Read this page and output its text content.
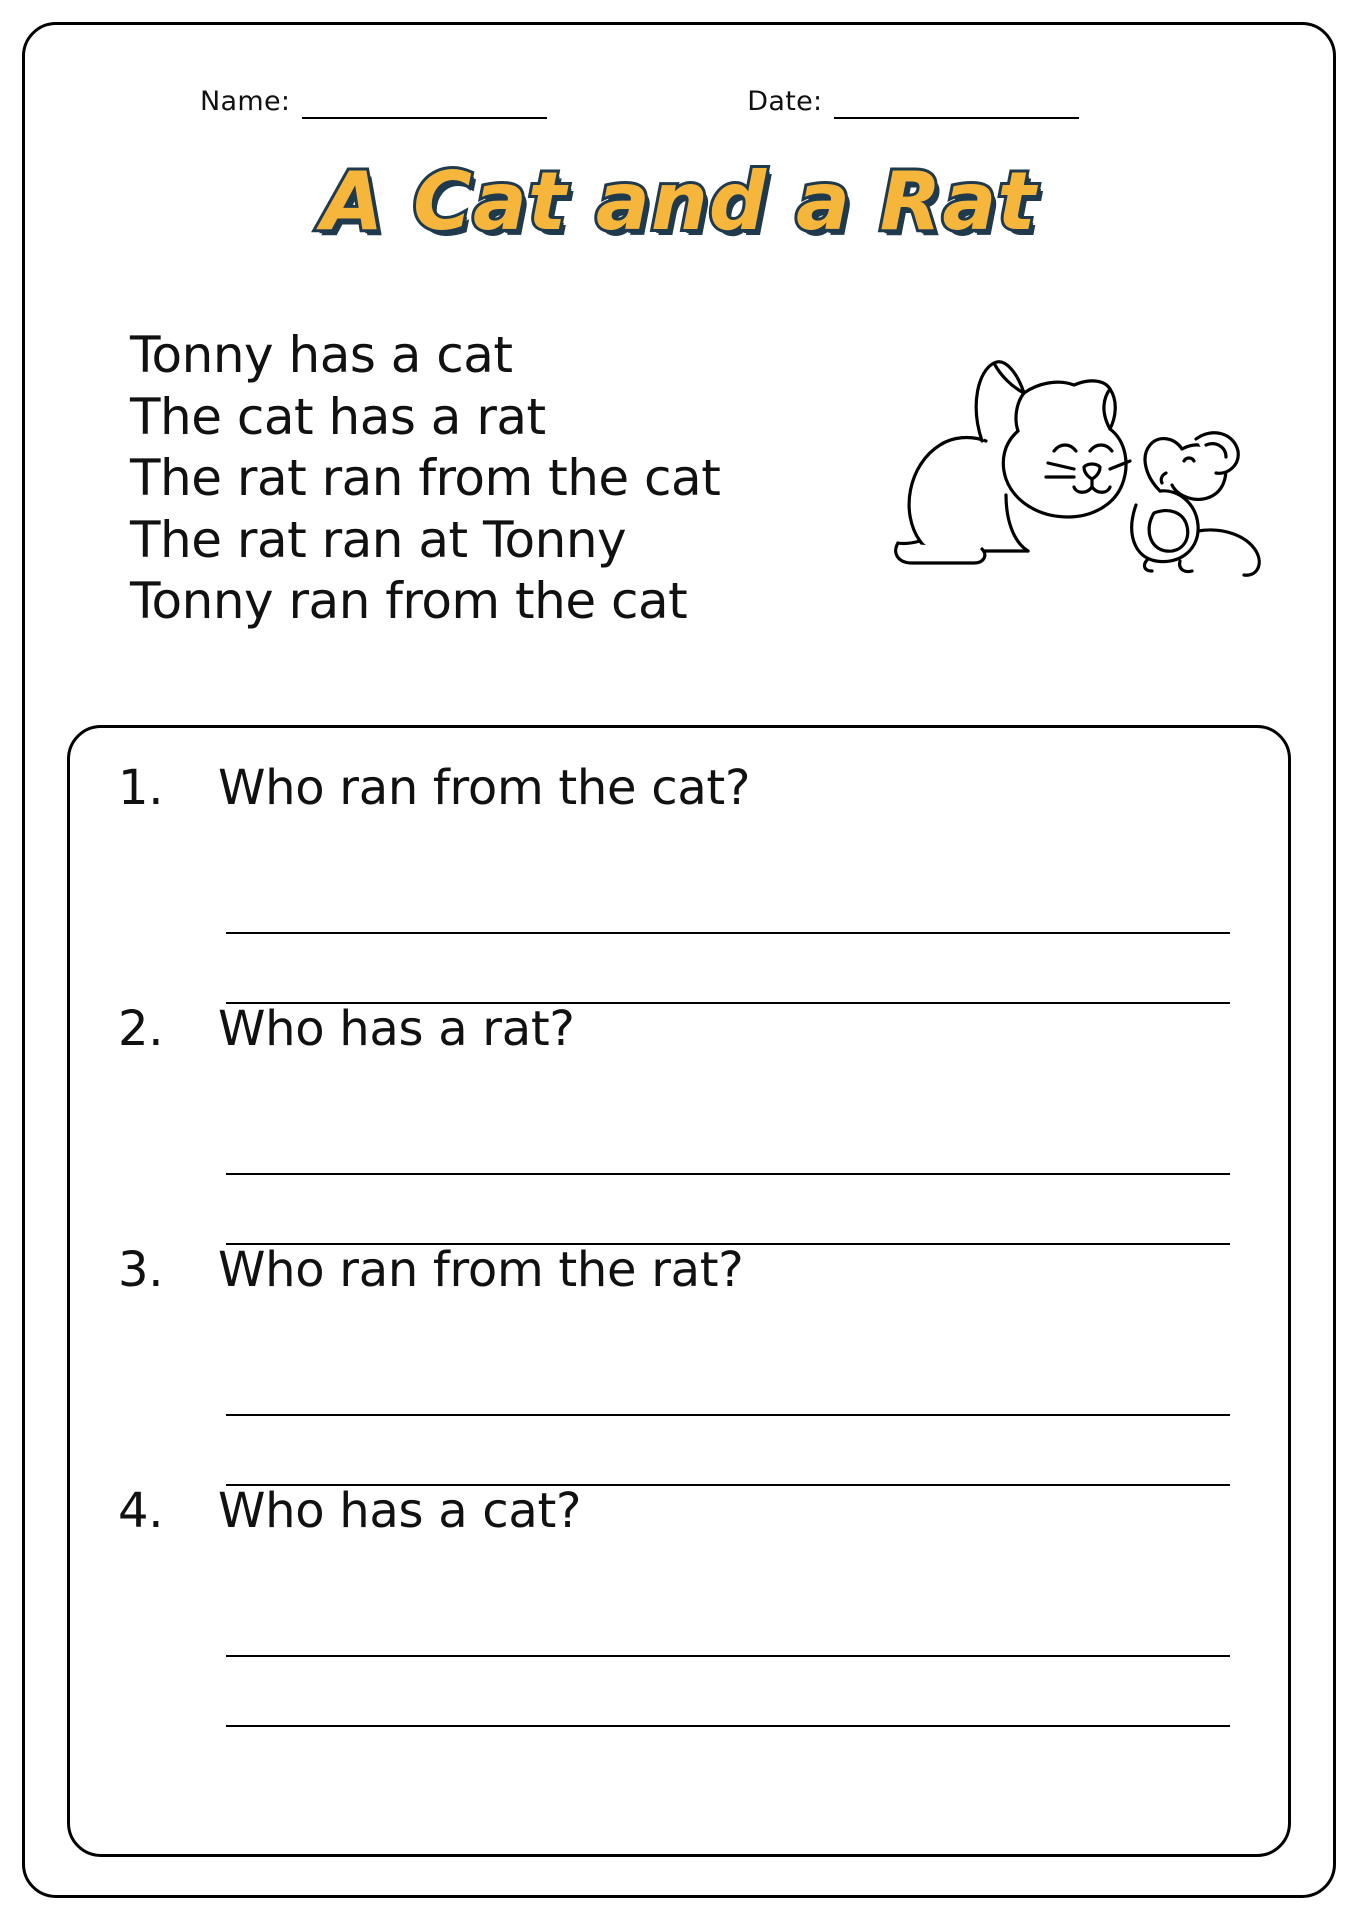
Name:	Date:
A Cat and a Rat
Tonny has a cat
The cat has a rat
The rat ran from the cat
The rat ran at Tonny
Tonny ran from the cat
1.	Who ran from the cat?
2.	Who has a rat?
3.	Who ran from the rat?
4.	Who has a cat?
